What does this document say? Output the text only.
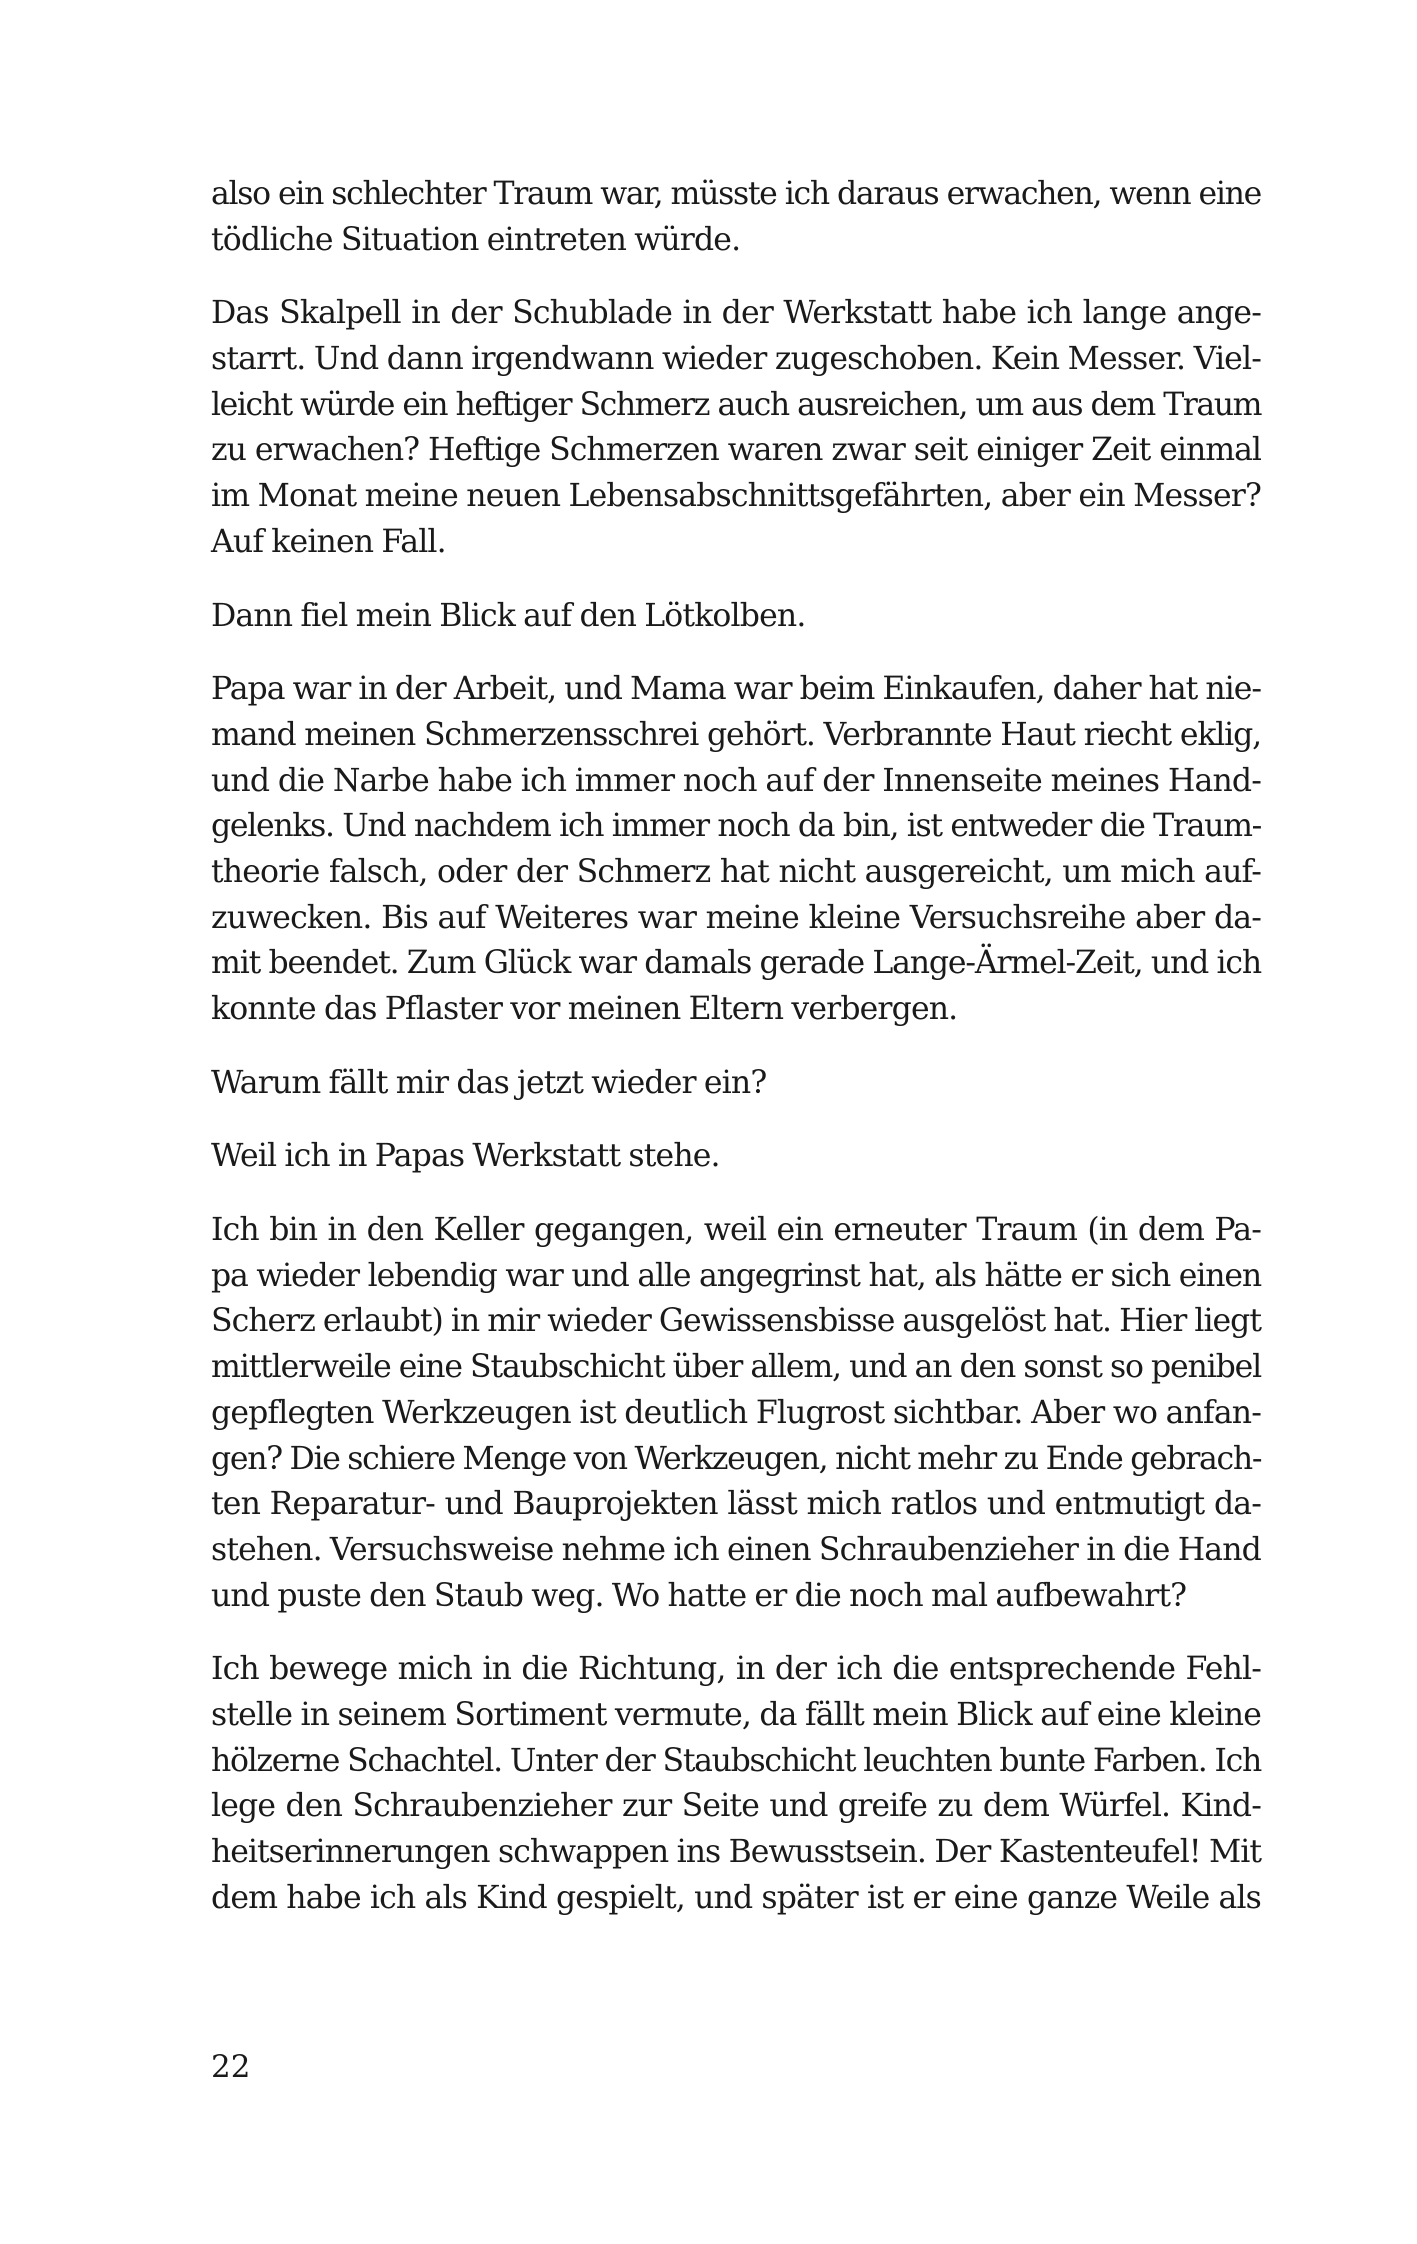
also ein schlechter Traum war, müsste ich daraus erwachen, wenn eine
tödliche Situation eintreten würde.
Das Skalpell in der Schublade in der Werkstatt habe ich lange ange-
starrt. Und dann irgendwann wieder zugeschoben. Kein Messer. Viel-
leicht würde ein heftiger Schmerz auch ausreichen, um aus dem Traum
zu erwachen? Heftige Schmerzen waren zwar seit einiger Zeit einmal
im Monat meine neuen Lebensabschnittsgefährten, aber ein Messer?
Auf keinen Fall.
Dann fiel mein Blick auf den Lötkolben.
Papa war in der Arbeit, und Mama war beim Einkaufen, daher hat nie-
mand meinen Schmerzensschrei gehört. Verbrannte Haut riecht eklig,
und die Narbe habe ich immer noch auf der Innenseite meines Hand-
gelenks. Und nachdem ich immer noch da bin, ist entweder die Traum-
theorie falsch, oder der Schmerz hat nicht ausgereicht, um mich auf-
zuwecken. Bis auf Weiteres war meine kleine Versuchsreihe aber da-
mit beendet. Zum Glück war damals gerade Lange-Ärmel-Zeit, und ich
konnte das Pflaster vor meinen Eltern verbergen.
Warum fällt mir das jetzt wieder ein?
Weil ich in Papas Werkstatt stehe.
Ich bin in den Keller gegangen, weil ein erneuter Traum (in dem Pa-
pa wieder lebendig war und alle angegrinst hat, als hätte er sich einen
Scherz erlaubt) in mir wieder Gewissensbisse ausgelöst hat. Hier liegt
mittlerweile eine Staubschicht über allem, und an den sonst so penibel
gepflegten Werkzeugen ist deutlich Flugrost sichtbar. Aber wo anfan-
gen? Die schiere Menge von Werkzeugen, nicht mehr zu Ende gebrach-
ten Reparatur- und Bauprojekten lässt mich ratlos und entmutigt da-
stehen. Versuchsweise nehme ich einen Schraubenzieher in die Hand
und puste den Staub weg. Wo hatte er die noch mal aufbewahrt?
Ich bewege mich in die Richtung, in der ich die entsprechende Fehl-
stelle in seinem Sortiment vermute, da fällt mein Blick auf eine kleine
hölzerne Schachtel. Unter der Staubschicht leuchten bunte Farben. Ich
lege den Schraubenzieher zur Seite und greife zu dem Würfel. Kind-
heitserinnerungen schwappen ins Bewusstsein. Der Kastenteufel! Mit
dem habe ich als Kind gespielt, und später ist er eine ganze Weile als
22
